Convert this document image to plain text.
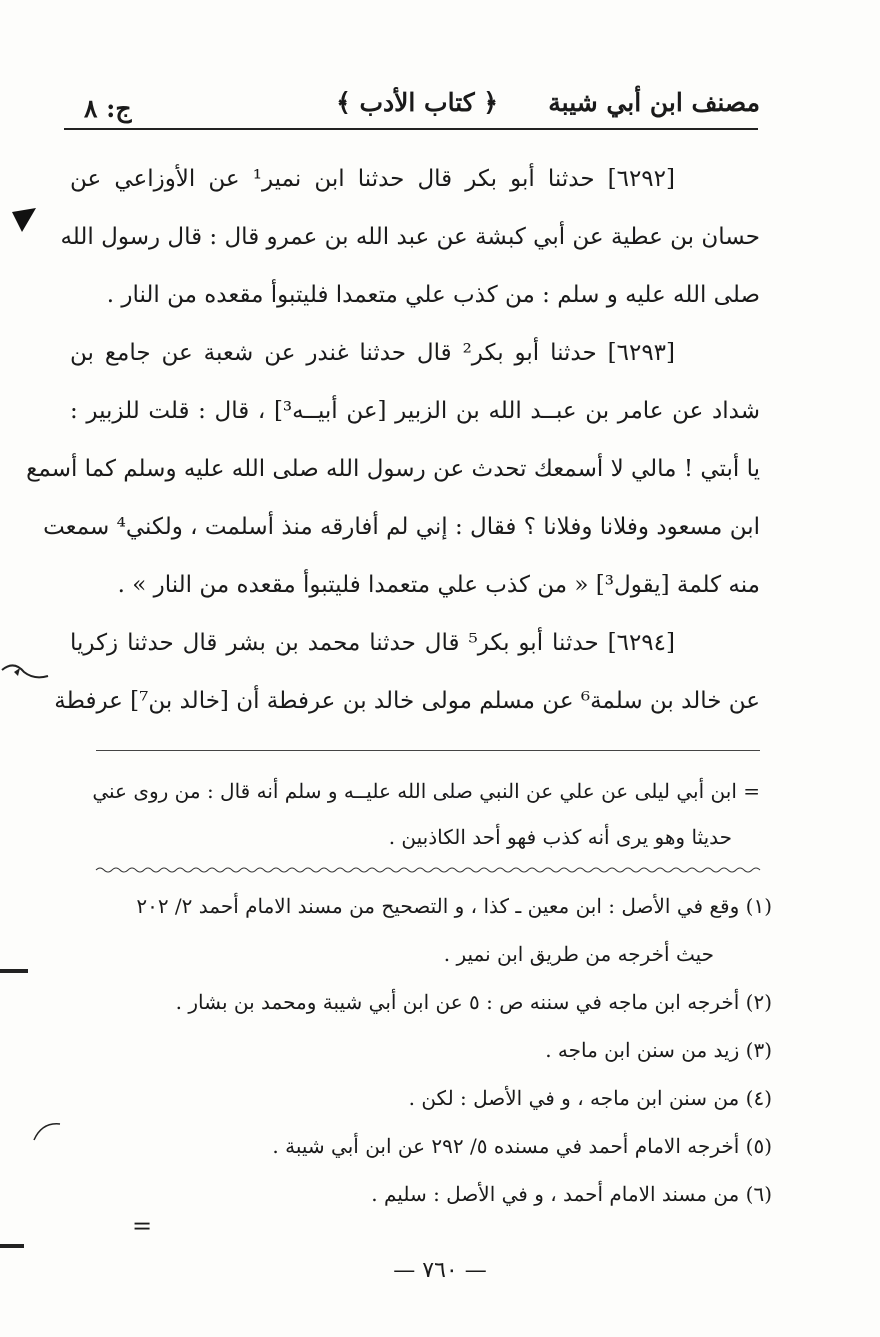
مصنف ابن أبي شيبة
﴿ كتاب الأدب ﴾
ج: ٨
[٦٢٩٢] حدثنا أبو بكر قال حدثنا ابن نمير¹ عن الأوزاعي عن
حسان بن عطية عن أبي كبشة عن عبد الله بن عمرو قال : قال رسول الله
صلى الله عليه و سلم : من كذب علي متعمدا فليتبوأ مقعده من النار .
[٦٢٩٣] حدثنا أبو بكر² قال حدثنا غندر عن شعبة عن جامع بن
شداد عن عامر بن عبــد الله بن الزبير [عن أبيــه³] ، قال : قلت للزبير :
يا أبتي ! مالي لا أسمعك تحدث عن رسول الله صلى الله عليه وسلم كما أسمع
ابن مسعود وفلانا وفلانا ؟ فقال : إني لم أفارقه منذ أسلمت ، ولكني⁴ سمعت
منه كلمة [يقول³] « من كذب علي متعمدا فليتبوأ مقعده من النار » .
[٦٢٩٤] حدثنا أبو بكر⁵ قال حدثنا محمد بن بشر قال حدثنا زكريا
عن خالد بن سلمة⁶ عن مسلم مولى خالد بن عرفطة أن [خالد بن⁷] عرفطة
= ابن أبي ليلى عن علي عن النبي صلى الله عليــه و سلم أنه قال : من روى عني
حديثا وهو يرى أنه كذب فهو أحد الكاذبين .
(١) وقع في الأصل : ابن معين ـ كذا ، و التصحيح من مسند الامام أحمد ٢/ ٢٠٢
حيث أخرجه من طريق ابن نمير .
(٢) أخرجه ابن ماجه في سننه ص : ٥ عن ابن أبي شيبة ومحمد بن بشار .
(٣) زيد من سنن ابن ماجه .
(٤) من سنن ابن ماجه ، و في الأصل : لكن .
(٥) أخرجه الامام أحمد في مسنده ٥/ ٢٩٢ عن ابن أبي شيبة .
(٦) من مسند الامام أحمد ، و في الأصل : سليم .
=
— ٧٦٠ —
